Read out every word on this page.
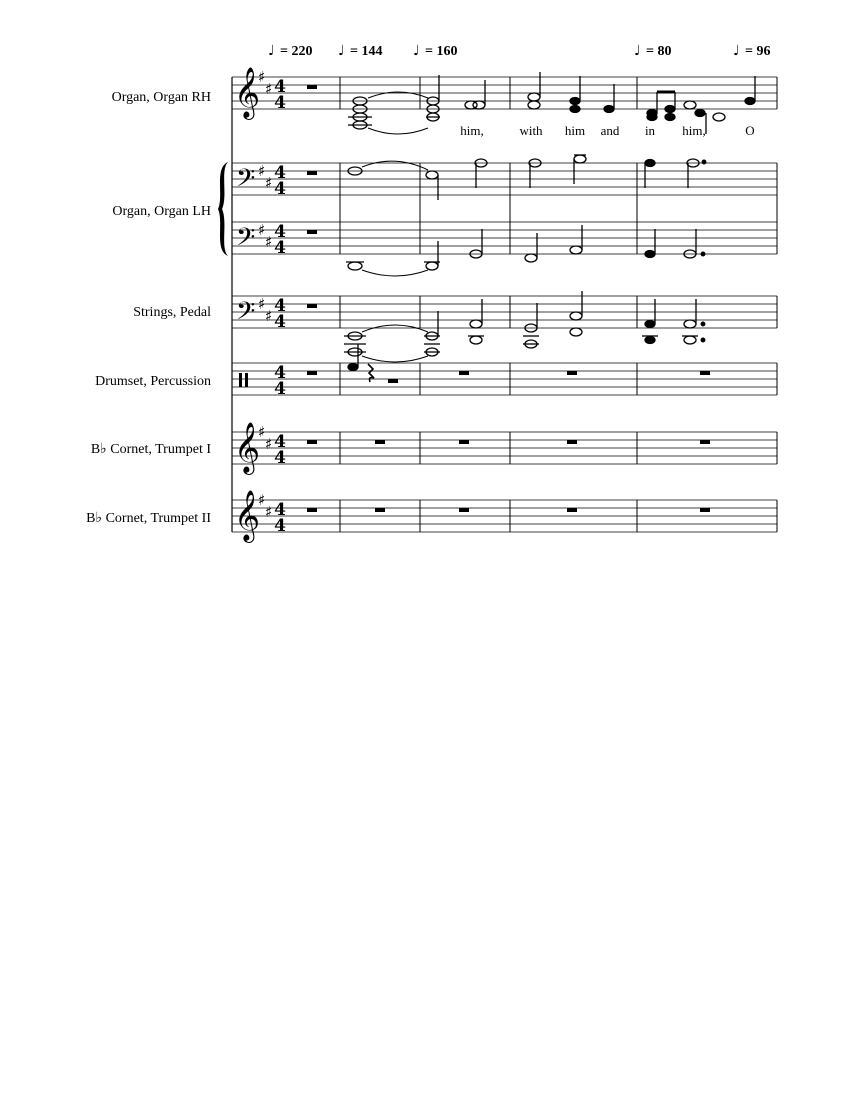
♩ = 220 ♩ = 144 ♩ = 160	♩ = 80	♩ = 96
Organ, Organ RH
Organ, Organ LH
Strings, Pedal
Drumset, Percussion
B♭ Cornet, Trumpet I
B♭ Cornet, Trumpet II
𝄞
𝄢
𝄢
𝄢
𝄞
𝄞
♯
♯
♯
♯
♯
♯
♯
♯
♯
♯
♯
♯
4
4
4
4
4
4
4
4
4
4
4
4
4
4
him,	with him and in him,	O
